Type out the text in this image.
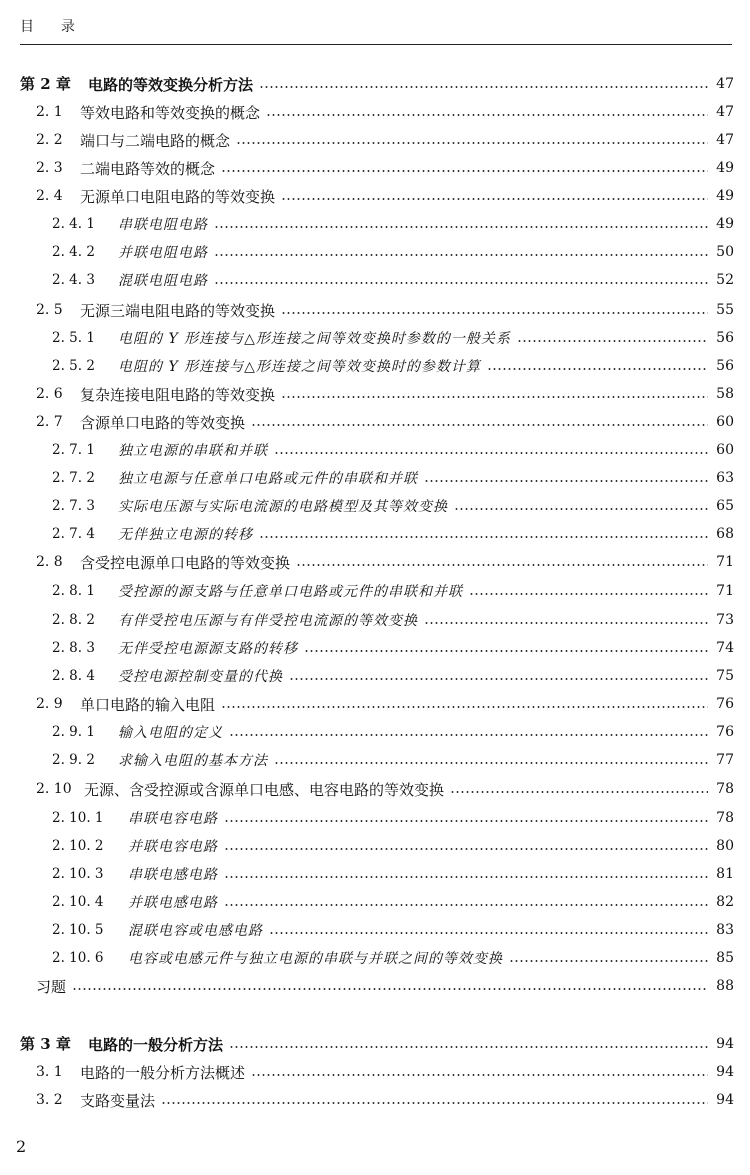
目  录
第 2 章 电路的等效变换分析方法	47
2. 1 等效电路和等效变换的概念	47
2. 2 端口与二端电路的概念	47
2. 3 二端电路等效的概念	49
2. 4 无源单口电阻电路的等效变换	49
2. 4. 1 串联电阻电路	49
2. 4. 2 并联电阻电路	50
2. 4. 3 混联电阻电路	52
2. 5 无源三端电阻电路的等效变换	55
2. 5. 1 电阻的 Y 形连接与△形连接之间等效变换时参数的一般关系	56
2. 5. 2 电阻的 Y 形连接与△形连接之间等效变换时的参数计算	56
2. 6 复杂连接电阻电路的等效变换	58
2. 7 含源单口电路的等效变换	60
2. 7. 1 独立电源的串联和并联	60
2. 7. 2 独立电源与任意单口电路或元件的串联和并联	63
2. 7. 3 实际电压源与实际电流源的电路模型及其等效变换	65
2. 7. 4 无伴独立电源的转移	68
2. 8 含受控电源单口电路的等效变换	71
2. 8. 1 受控源的源支路与任意单口电路或元件的串联和并联	71
2. 8. 2 有伴受控电压源与有伴受控电流源的等效变换	73
2. 8. 3 无伴受控电源源支路的转移	74
2. 8. 4 受控电源控制变量的代换	75
2. 9 单口电路的输入电阻	76
2. 9. 1 输入电阻的定义	76
2. 9. 2 求输入电阻的基本方法	77
2. 10 无源、含受控源或含源单口电感、电容电路的等效变换	78
2. 10. 1 串联电容电路	78
2. 10. 2 并联电容电路	80
2. 10. 3 串联电感电路	81
2. 10. 4 并联电感电路	82
2. 10. 5 混联电容或电感电路	83
2. 10. 6 电容或电感元件与独立电源的串联与并联之间的等效变换	85
习题	88
第 3 章 电路的一般分析方法	94
3. 1 电路的一般分析方法概述	94
3. 2 支路变量法	94
2
